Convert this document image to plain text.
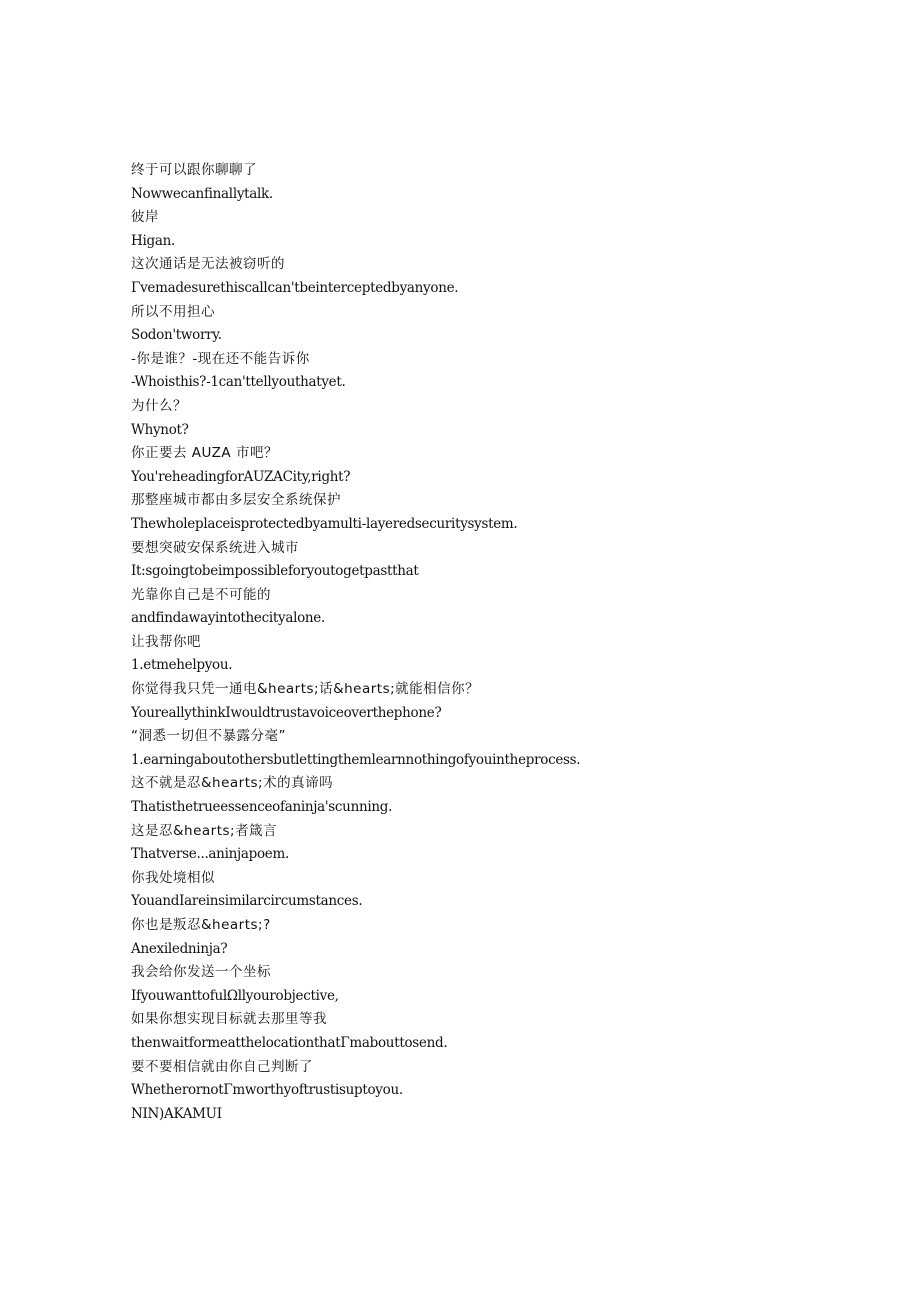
终于可以跟你聊聊了
Nowwecanfinallytalk.
彼岸
Higan.
这次通话是无法被窃听的
Γvemadesurethiscallcan'tbeinterceptedbyanyone.
所以不用担心
Sodon'tworry.
-你是谁？-现在还不能告诉你
-Whoisthis?-1can'ttellyouthatyet.
为什么？
Whynot?
你正要去 AUZA 市吧？
You'reheadingforAUZACity,right?
那整座城市都由多层安全系统保护
Thewholeplaceisprotectedbyamulti-layeredsecuritysystem.
要想突破安保系统进入城市
It:sgoingtobeimpossibleforyoutogetpastthat
光靠你自己是不可能的
andfindawayintothecityalone.
让我帮你吧
1.etmehelpyou.
你觉得我只凭一通电&hearts;话&hearts;就能相信你？
YoureallythinkIwouldtrustavoiceoverthephone?
“洞悉一切但不暴露分毫”
1.earningaboutothersbutlettingthemlearnnothingofyouintheprocess.
这不就是忍&hearts;术的真谛吗
Thatisthetrueessenceofaninja'scunning.
这是忍&hearts;者箴言
Thatverse...aninjapoem.
你我处境相似
YouandIareinsimilarcircumstances.
你也是叛忍&hearts;?
Anexiledninja?
我会给你发送一个坐标
IfyouwanttofulΩllyourobjective,
如果你想实现目标就去那里等我
thenwaitformeatthelocationthatΓmabouttosend.
要不要相信就由你自己判断了
WhetherornotΓmworthyoftrustisuptoyou.
NIN)AKAMUI
